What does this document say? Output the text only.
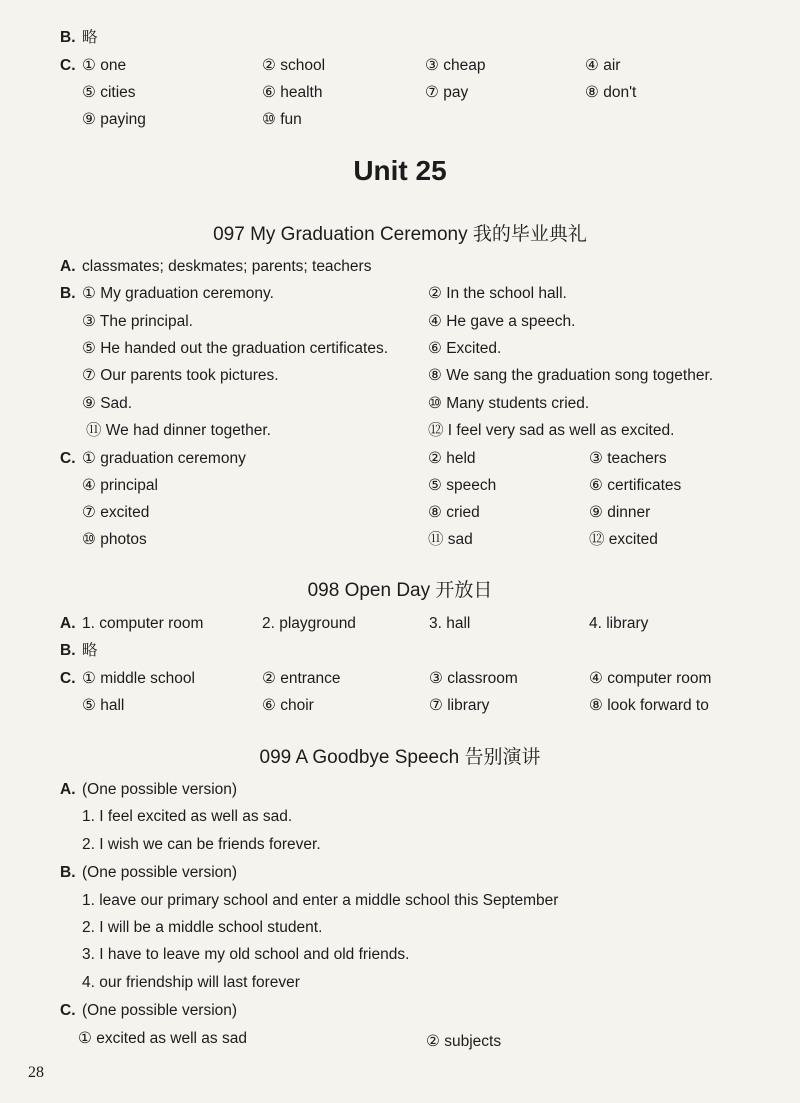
B. 略
C. ① one	② school	③ cheap	④ air
⑤ cities	⑥ health	⑦ pay	⑧ don't
⑨ paying	⑩ fun
Unit 25
097 My Graduation Ceremony 我的毕业典礼
A. classmates; deskmates; parents; teachers
B. ① My graduation ceremony.	② In the school hall.
③ The principal.	④ He gave a speech.
⑤ He handed out the graduation certificates.	⑥ Excited.
⑦ Our parents took pictures.	⑧ We sang the graduation song together.
⑨ Sad.	⑩ Many students cried.
⑪ We had dinner together.	⑫ I feel very sad as well as excited.
C. ① graduation ceremony	② held	③ teachers
④ principal	⑤ speech	⑥ certificates
⑦ excited	⑧ cried	⑨ dinner
⑩ photos	⑪ sad	⑫ excited
098 Open Day 开放日
A. 1. computer room	2. playground	3. hall	4. library
B. 略
C. ① middle school	② entrance	③ classroom	④ computer room
⑤ hall	⑥ choir	⑦ library	⑧ look forward to
099 A Goodbye Speech 告别演讲
A. (One possible version)
1. I feel excited as well as sad.
2. I wish we can be friends forever.
B. (One possible version)
1. leave our primary school and enter a middle school this September
2. I will be a middle school student.
3. I have to leave my old school and old friends.
4. our friendship will last forever
C. (One possible version)
① excited as well as sad	② subjects
28
